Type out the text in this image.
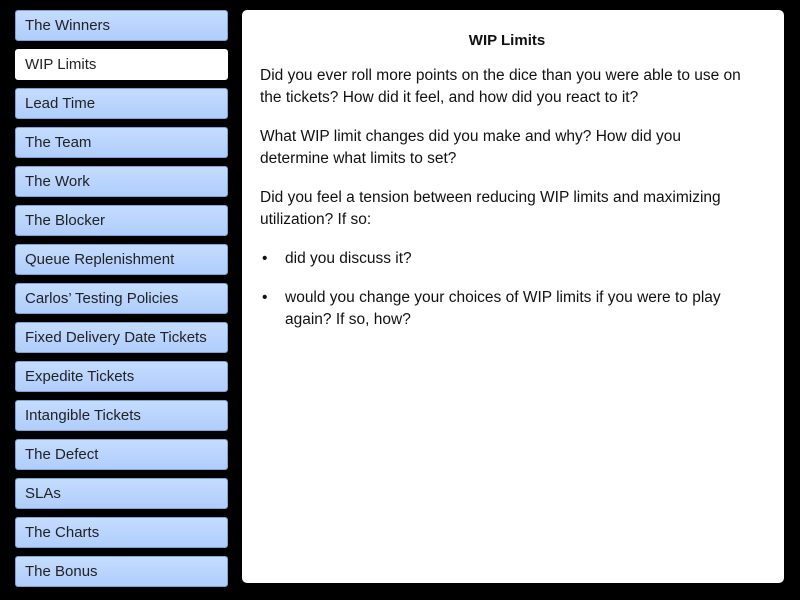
The Winners
WIP Limits
Lead Time
The Team
The Work
The Blocker
Queue Replenishment
Carlos’ Testing Policies
Fixed Delivery Date Tickets
Expedite Tickets
Intangible Tickets
The Defect
SLAs
The Charts
The Bonus
WIP Limits

Did you ever roll more points on the dice than you were able to use on the tickets? How did it feel, and how did you react to it?

What WIP limit changes did you make and why? How did you determine what limits to set?

Did you feel a tension between reducing WIP limits and maximizing utilization? If so:

• did you discuss it?
• would you change your choices of WIP limits if you were to play again? If so, how?
